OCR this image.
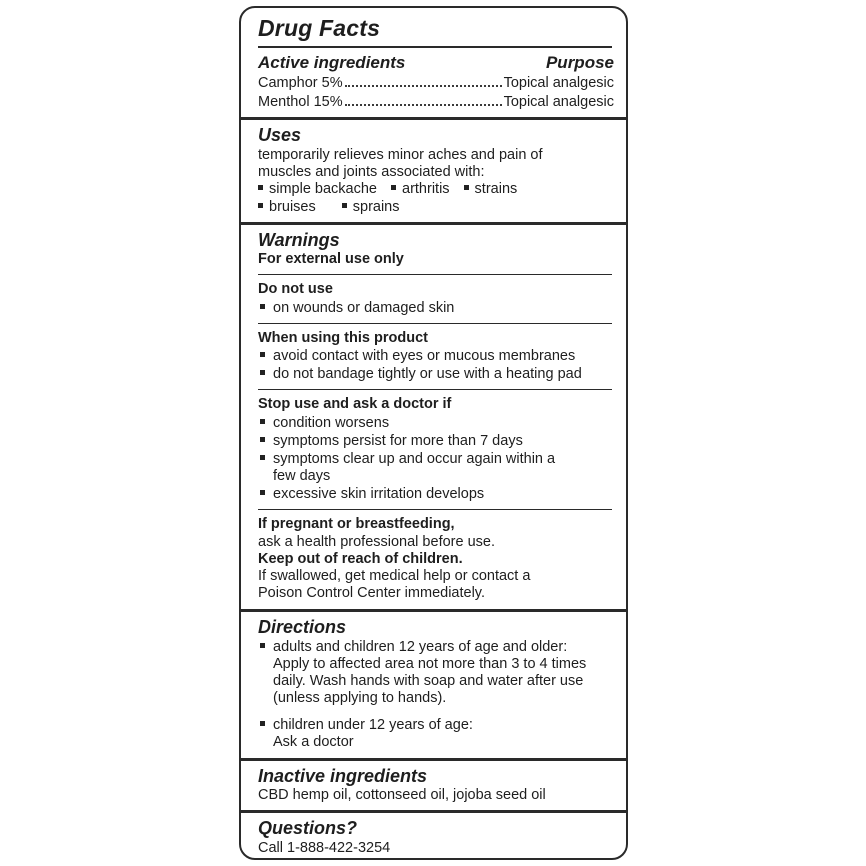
Drug Facts
Active ingredients	Purpose
Camphor 5%	Topical analgesic
Menthol 15%	Topical analgesic
Uses
temporarily relieves minor aches and pain of muscles and joints associated with:
simple backache arthritis strains
bruises	sprains
Warnings
For external use only
Do not use
on wounds or damaged skin
When using this product
avoid contact with eyes or mucous membranes
do not bandage tightly or use with a heating pad
Stop use and ask a doctor if
condition worsens
symptoms persist for more than 7 days
symptoms clear up and occur again within a few days
excessive skin irritation develops
If pregnant or breastfeeding,
ask a health professional before use.
Keep out of reach of children.
If swallowed, get medical help or contact a Poison Control Center immediately.
Directions
adults and children 12 years of age and older:
Apply to affected area not more than 3 to 4 times daily. Wash hands with soap and water after use (unless applying to hands).
children under 12 years of age:
Ask a doctor
Inactive ingredients
CBD hemp oil, cottonseed oil, jojoba seed oil
Questions?
Call 1-888-422-3254
